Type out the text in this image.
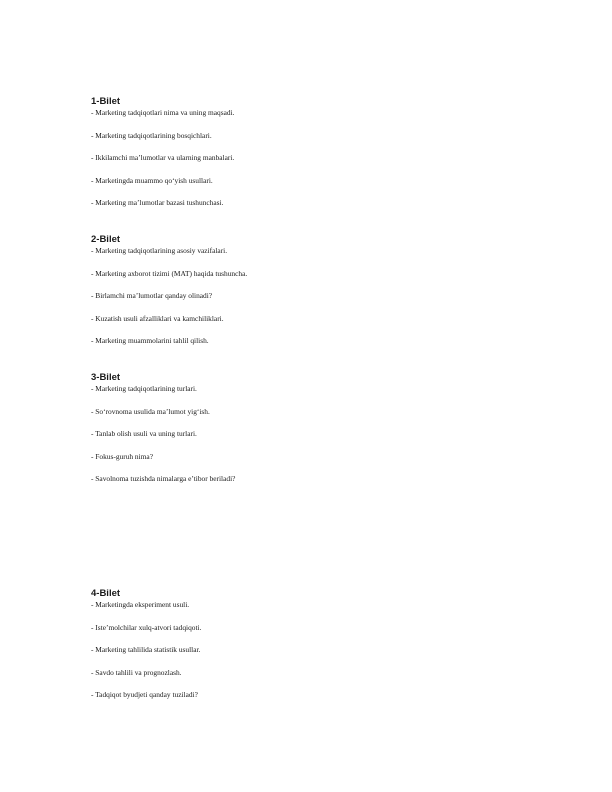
1-Bilet
- Marketing tadqiqotlari nima va uning maqsadi.
- Marketing tadqiqotlarining bosqichlari.
- Ikkilamchi ma’lumotlar va ularning manbalari.
- Marketingda muammo qo‘yish usullari.
- Marketing ma’lumotlar bazasi tushunchasi.
2-Bilet
- Marketing tadqiqotlarining asosiy vazifalari.
- Marketing axborot tizimi (MAT) haqida tushuncha.
- Birlamchi ma’lumotlar qanday olinadi?
- Kuzatish usuli afzalliklari va kamchiliklari.
- Marketing muammolarini tahlil qilish.
3-Bilet
- Marketing tadqiqotlarining turlari.
- So‘rovnoma usulida ma’lumot yig‘ish.
- Tanlab olish usuli va uning turlari.
- Fokus-guruh nima?
- Savolnoma tuzishda nimalarga e’tibor beriladi?
4-Bilet
- Marketingda eksperiment usuli.
- Iste’molchilar xulq-atvori tadqiqoti.
- Marketing tahlilida statistik usullar.
- Savdo tahlili va prognozlash.
- Tadqiqot byudjeti qanday tuziladi?
